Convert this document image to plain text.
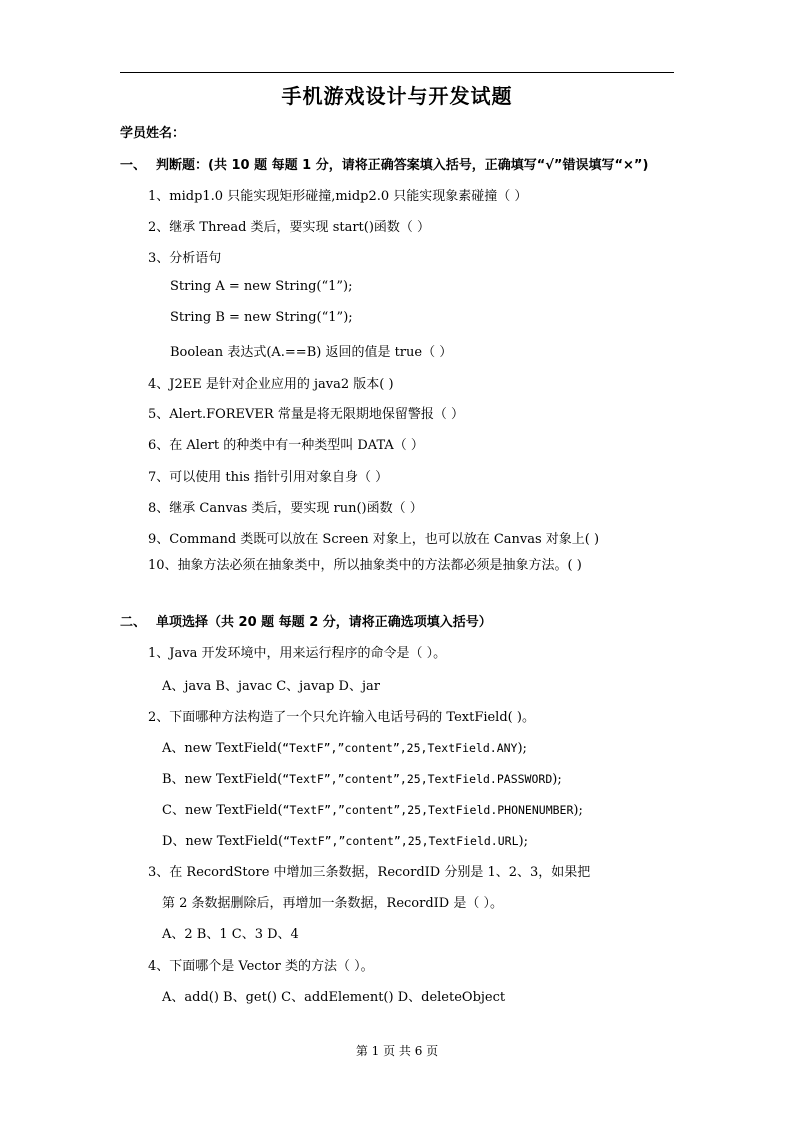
手机游戏设计与开发试题
学员姓名：
一、 判断题：(共 10 题 每题 1 分，请将正确答案填入括号，正确填写“√”错误填写“×”)
1、midp1.0 只能实现矩形碰撞,midp2.0 只能实现象素碰撞（ ）
2、继承 Thread 类后，要实现 start()函数（ ）
3、分析语句
String A = new String(“1”);
String B = new String(“1”);
Boolean 表达式(A.==B) 返回的值是 true（ ）
4、J2EE 是针对企业应用的 java2 版本( )
5、Alert.FOREVER 常量是将无限期地保留警报（ ）
6、在 Alert 的种类中有一种类型叫 DATA（ ）
7、可以使用 this 指针引用对象自身（ ）
8、继承 Canvas 类后，要实现 run()函数（ ）
9、Command 类既可以放在 Screen 对象上，也可以放在 Canvas 对象上( )
10、抽象方法必须在抽象类中，所以抽象类中的方法都必须是抽象方法。( )
二、 单项选择（共 20 题 每题 2 分，请将正确选项填入括号）
1、Java 开发环境中，用来运行程序的命令是（ ）。
A、java B、javac C、javap D、jar
2、下面哪种方法构造了一个只允许输入电话号码的 TextField( )。
A、new TextField(“TextF”,”content”,25,TextField.ANY);
B、new TextField(“TextF”,”content”,25,TextField.PASSWORD);
C、new TextField(“TextF”,”content”,25,TextField.PHONENUMBER);
D、new TextField(“TextF”,”content”,25,TextField.URL);
3、在 RecordStore 中增加三条数据，RecordID 分别是 1、2、3，如果把
第 2 条数据删除后，再增加一条数据，RecordID 是（ ）。
A、2 B、1 C、3 D、4
4、下面哪个是 Vector 类的方法（ ）。
A、add() B、get() C、addElement() D、deleteObject
第 1 页 共 6 页
